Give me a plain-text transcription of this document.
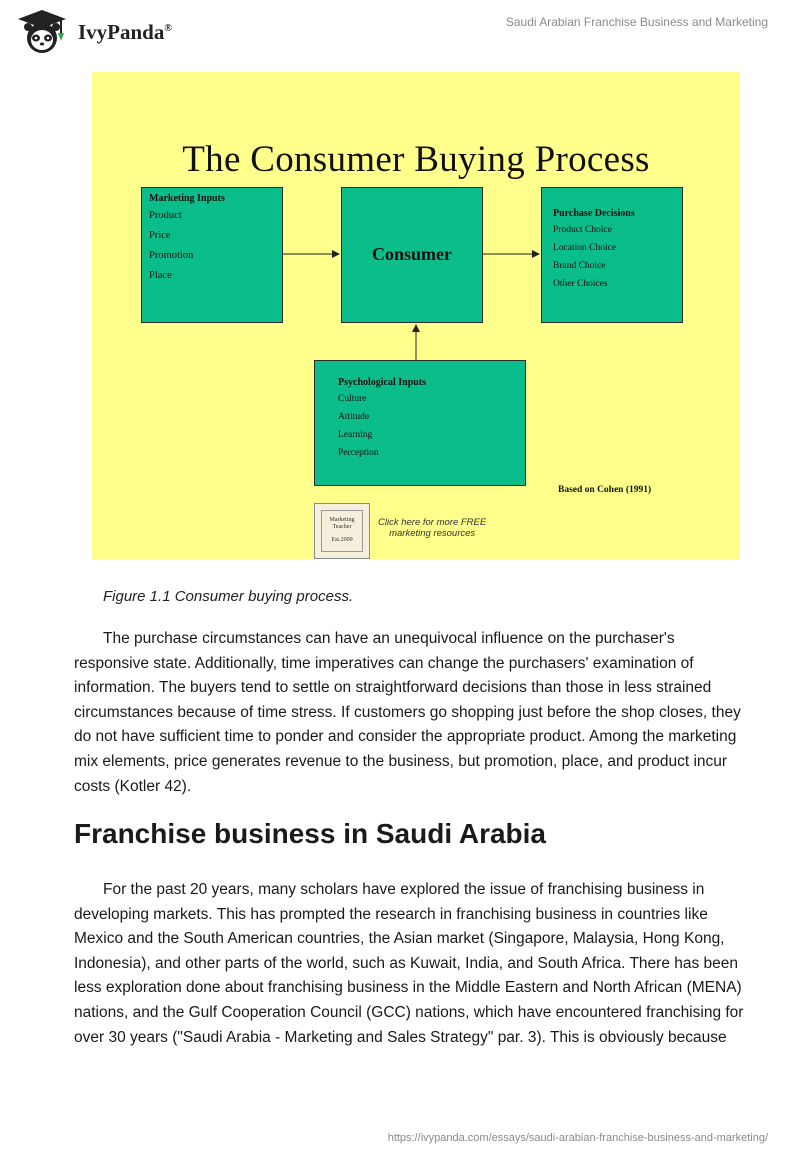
IvyPanda®	Saudi Arabian Franchise Business and Marketing
The Consumer Buying Process
Marketing Inputs
Product
Price
Promotion
Place
Consumer
Purchase Decisions
Product Choice
Location Choice
Brand Choice
Other Choices
Psychological Inputs
Culture
Attitude
Learning
Perception
Based on Cohen (1991)
Marketing
Teacher
Est.2000
Click here for more FREE
marketing resources
Figure 1.1 Consumer buying process.

The purchase circumstances can have an unequivocal influence on the purchaser's responsive state. Additionally, time imperatives can change the purchasers' examination of information. The buyers tend to settle on straightforward decisions than those in less strained circumstances because of time stress. If customers go shopping just before the shop closes, they do not have sufficient time to ponder and consider the appropriate product. Among the marketing mix elements, price generates revenue to the business, but promotion, place, and product incur costs (Kotler 42).

Franchise business in Saudi Arabia

For the past 20 years, many scholars have explored the issue of franchising business in developing markets. This has prompted the research in franchising business in countries like Mexico and the South American countries, the Asian market (Singapore, Malaysia, Hong Kong, Indonesia), and other parts of the world, such as Kuwait, India, and South Africa. There has been less exploration done about franchising business in the Middle Eastern and North African (MENA) nations, and the Gulf Cooperation Council (GCC) nations, which have encountered franchising for over 30 years ("Saudi Arabia - Marketing and Sales Strategy" par. 3). This is obviously because

https://ivypanda.com/essays/saudi-arabian-franchise-business-and-marketing/
